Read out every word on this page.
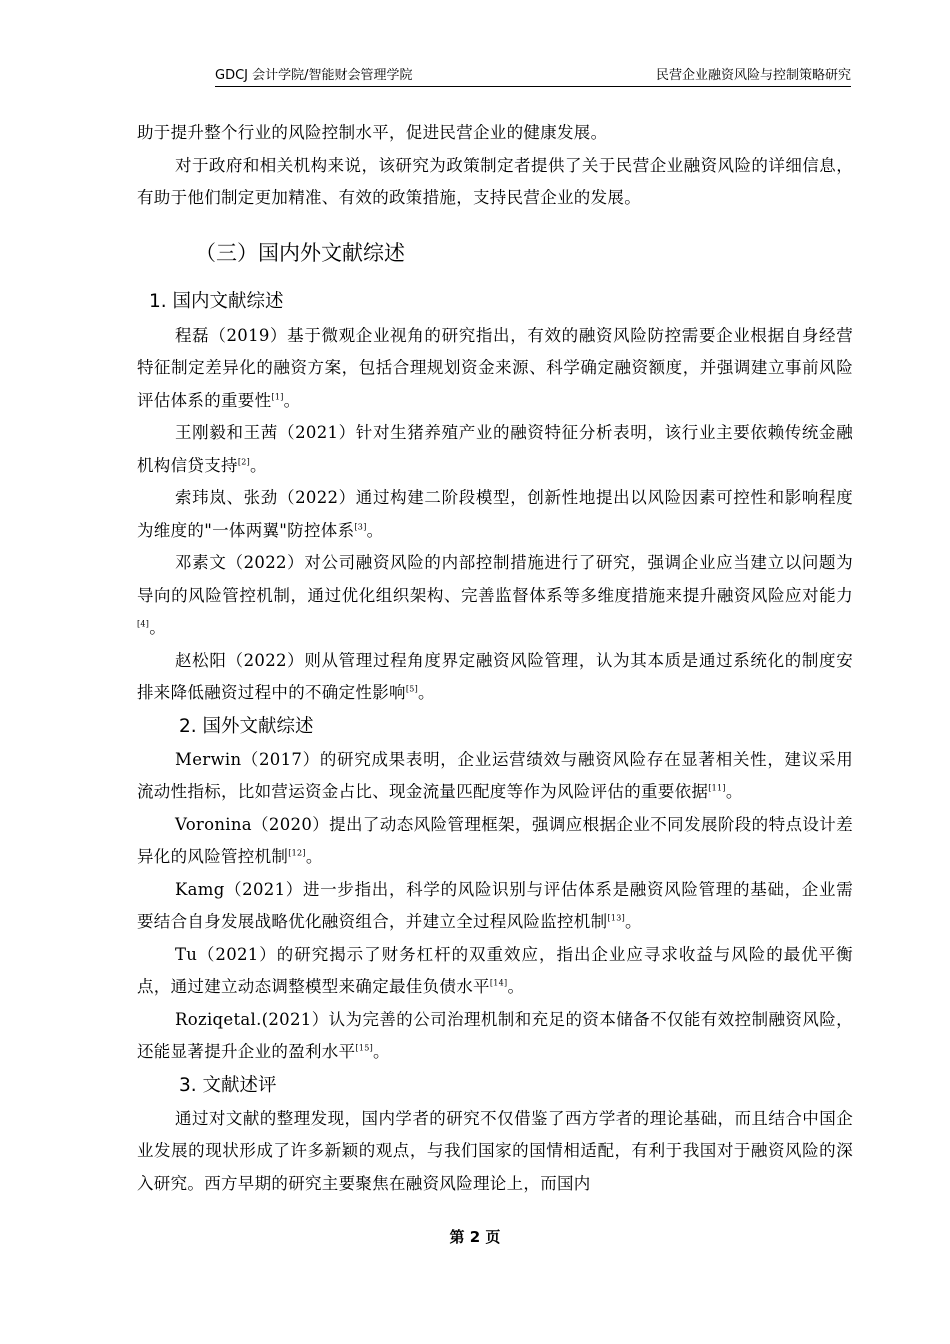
GDCJ 会计学院/智能财会管理学院	民营企业融资风险与控制策略研究

助于提升整个行业的风险控制水平，促进民营企业的健康发展。

对于政府和相关机构来说，该研究为政策制定者提供了关于民营企业融资风险的详细信息，有助于他们制定更加精准、有效的政策措施，支持民营企业的发展。

（三）国内外文献综述
1. 国内文献综述

程磊（2019）基于微观企业视角的研究指出，有效的融资风险防控需要企业根据自身经营特征制定差异化的融资方案，包括合理规划资金来源、科学确定融资额度，并强调建立事前风险评估体系的重要性[1]。

王刚毅和王茜（2021）针对生猪养殖产业的融资特征分析表明，该行业主要依赖传统金融机构信贷支持[2]。

索玮岚、张劲（2022）通过构建二阶段模型，创新性地提出以风险因素可控性和影响程度为维度的"一体两翼"防控体系[3]。

邓素文（2022）对公司融资风险的内部控制措施进行了研究，强调企业应当建立以问题为导向的风险管控机制，通过优化组织架构、完善监督体系等多维度措施来提升融资风险应对能力[4]。

赵松阳（2022）则从管理过程角度界定融资风险管理，认为其本质是通过系统化的制度安排来降低融资过程中的不确定性影响[5]。

2. 国外文献综述

Merwin（2017）的研究成果表明，企业运营绩效与融资风险存在显著相关性，建议采用流动性指标，比如营运资金占比、现金流量匹配度等作为风险评估的重要依据[11]。

Voronina（2020）提出了动态风险管理框架，强调应根据企业不同发展阶段的特点设计差异化的风险管控机制[12]。

Kamg（2021）进一步指出，科学的风险识别与评估体系是融资风险管理的基础，企业需要结合自身发展战略优化融资组合，并建立全过程风险监控机制[13]。

Tu（2021）的研究揭示了财务杠杆的双重效应，指出企业应寻求收益与风险的最优平衡点，通过建立动态调整模型来确定最佳负债水平[14]。

Roziqetal.(2021）认为完善的公司治理机制和充足的资本储备不仅能有效控制融资风险，还能显著提升企业的盈利水平[15]。

3. 文献述评

通过对文献的整理发现，国内学者的研究不仅借鉴了西方学者的理论基础，而且结合中国企业发展的现状形成了许多新颖的观点，与我们国家的国情相适配，有利于我国对于融资风险的深入研究。西方早期的研究主要聚焦在融资风险理论上，而国内

第 2 页
